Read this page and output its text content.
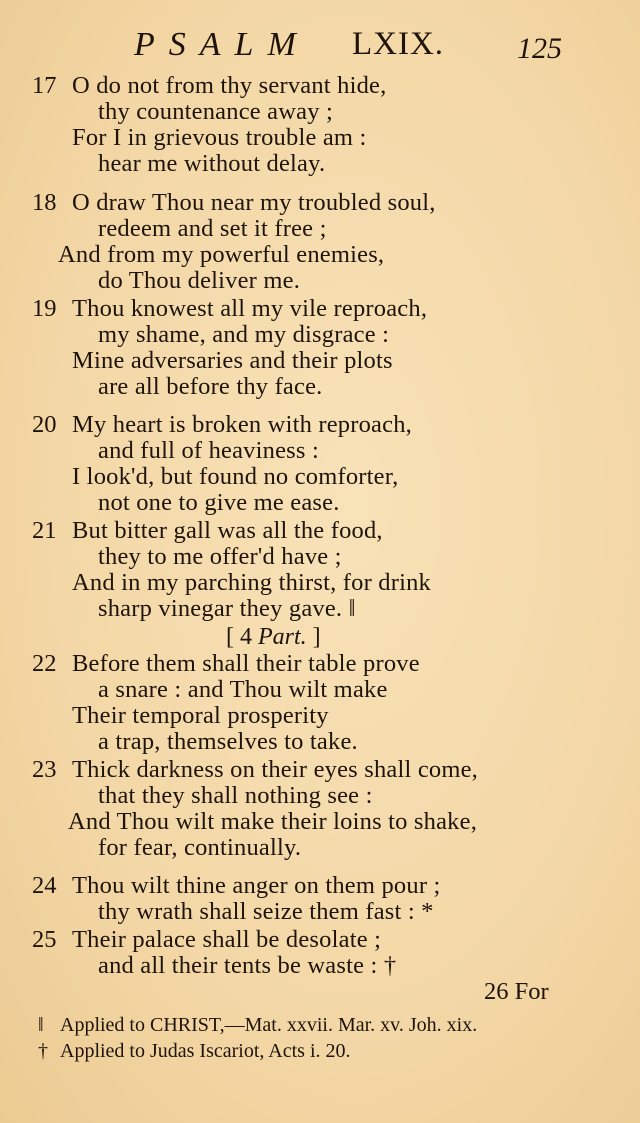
PSALM LXIX. 125
17 O do not from thy servant hide,
thy countenance away ;
For I in grievous trouble am :
hear me without delay.
18 O draw Thou near my troubled soul,
redeem and set it free ;
And from my powerful enemies,
do Thou deliver me.
19 Thou knowest all my vile reproach,
my shame, and my disgrace :
Mine adversaries and their plots
are all before thy face.
20 My heart is broken with reproach,
and full of heaviness :
I look'd, but found no comforter,
not one to give me ease.
21 But bitter gall was all the food,
they to me offer'd have ;
And in my parching thirst, for drink
sharp vinegar they gave. ‖
[ 4 Part. ]
22 Before them shall their table prove
a snare : and Thou wilt make
Their temporal prosperity
a trap, themselves to take.
23 Thick darkness on their eyes shall come,
that they shall nothing see :
And Thou wilt make their loins to shake,
for fear, continually.
24 Thou wilt thine anger on them pour ;
thy wrath shall seize them fast : *
25 Their palace shall be desolate ;
and all their tents be waste : †
26 For
‖ Applied to CHRIST,—Mat. xxvii. Mar. xv. Joh. xix.
† Applied to Judas Iscariot, Acts i. 20.
